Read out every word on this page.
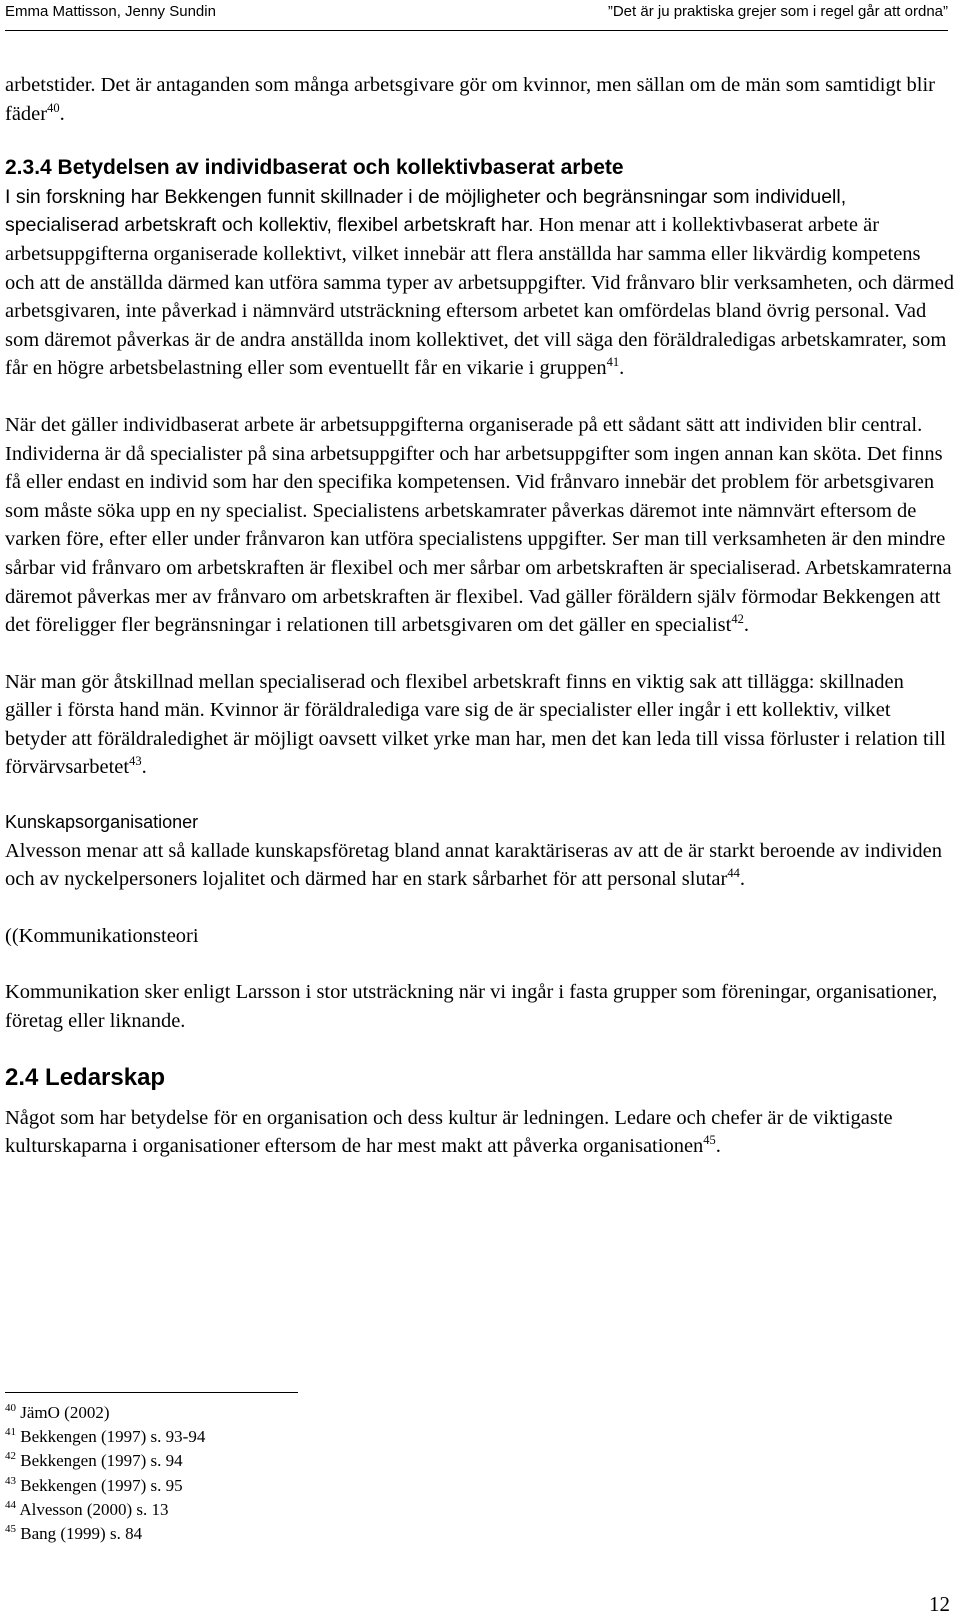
Emma Mattisson, Jenny Sundin	”Det är ju praktiska grejer som i regel går att ordna”

arbetstider. Det är antaganden som många arbetsgivare gör om kvinnor, men sällan om de män som samtidigt blir fäder$^{40}$.

2.3.4 Betydelsen av individbaserat och kollektivbaserat arbete

I sin forskning har Bekkengen funnit skillnader i de möjligheter och begränsningar som individuell, specialiserad arbetskraft och kollektiv, flexibel arbetskraft har. Hon menar att i kollektivbaserat arbete är arbetsuppgifterna organiserade kollektivt, vilket innebär att flera anställda har samma eller likvärdig kompetens och att de anställda därmed kan utföra samma typer av arbetsuppgifter. Vid frånvaro blir verksamheten, och därmed arbetsgivaren, inte påverkad i nämnvärd utsträckning eftersom arbetet kan omfördelas bland övrig personal. Vad som däremot påverkas är de andra anställda inom kollektivet, det vill säga den föräldraledigas arbetskamrater, som får en högre arbetsbelastning eller som eventuellt får en vikarie i gruppen$^{41}$.

När det gäller individbaserat arbete är arbetsuppgifterna organiserade på ett sådant sätt att individen blir central. Individerna är då specialister på sina arbetsuppgifter och har arbetsuppgifter som ingen annan kan sköta. Det finns få eller endast en individ som har den specifika kompetensen. Vid frånvaro innebär det problem för arbetsgivaren som måste söka upp en ny specialist. Specialistens arbetskamrater påverkas däremot inte nämnvärt eftersom de varken före, efter eller under frånvaron kan utföra specialistens uppgifter. Ser man till verksamheten är den mindre sårbar vid frånvaro om arbetskraften är flexibel och mer sårbar om arbetskraften är specialiserad. Arbetskamraterna däremot påverkas mer av frånvaro om arbetskraften är flexibel. Vad gäller föräldern själv förmodar Bekkengen att det föreligger fler begränsningar i relationen till arbetsgivaren om det gäller en specialist$^{42}$.

När man gör åtskillnad mellan specialiserad och flexibel arbetskraft finns en viktig sak att tillägga: skillnaden gäller i första hand män. Kvinnor är föräldralediga vare sig de är specialister eller ingår i ett kollektiv, vilket betyder att föräldraledighet är möjligt oavsett vilket yrke man har, men det kan leda till vissa förluster i relation till förvärvsarbetet$^{43}$.

Kunskapsorganisationer

Alvesson menar att så kallade kunskapsföretag bland annat karaktäriseras av att de är starkt beroende av individen och av nyckelpersoners lojalitet och därmed har en stark sårbarhet för att personal slutar$^{44}$.

((Kommunikationsteori

Kommunikation sker enligt Larsson i stor utsträckning när vi ingår i fasta grupper som föreningar, organisationer, företag eller liknande.

2.4 Ledarskap

Något som har betydelse för en organisation och dess kultur är ledningen. Ledare och chefer är de viktigaste kulturskaparna i organisationer eftersom de har mest makt att påverka organisationen$^{45}$.

$^{40}$ JämO (2002)

$^{41}$ Bekkengen (1997) s. 93-94

$^{42}$ Bekkengen (1997) s. 94

$^{43}$ Bekkengen (1997) s. 95

$^{44}$ Alvesson (2000) s. 13

$^{45}$ Bang (1999) s. 84

12
